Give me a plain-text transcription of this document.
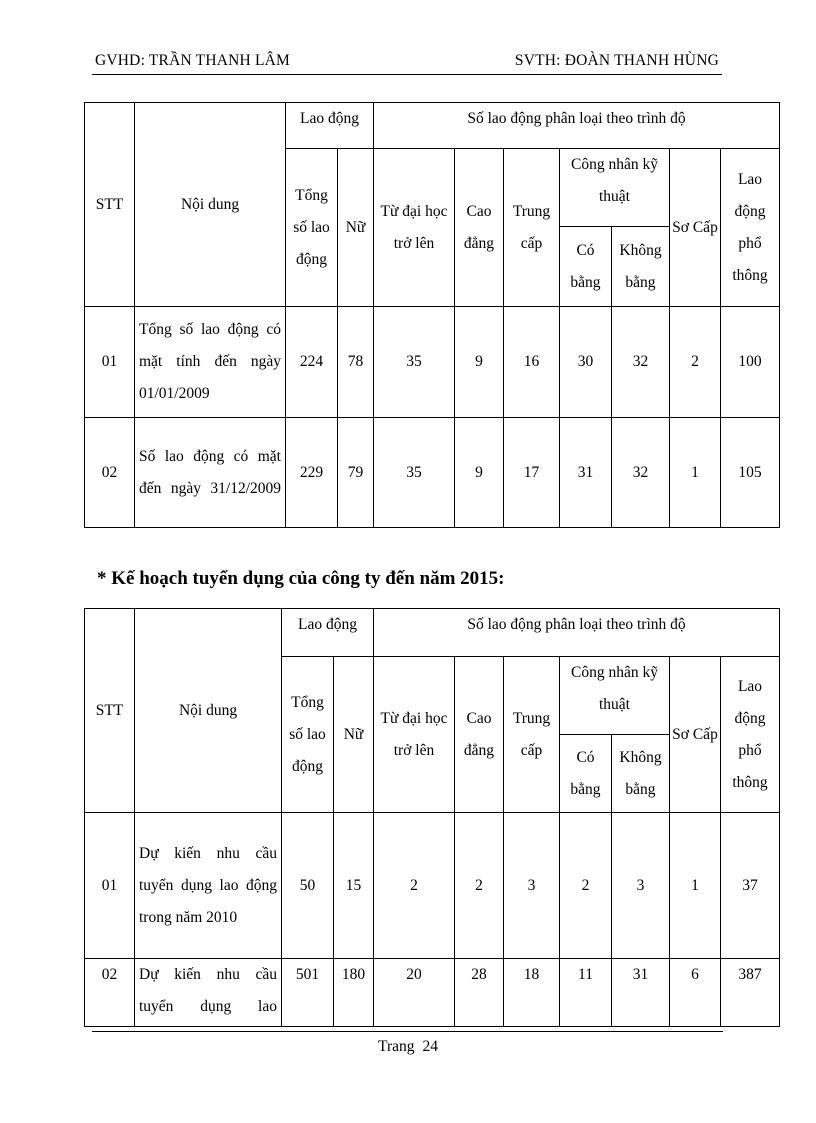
GVHD: TRẦN THANH LÂM	SVTH: ĐOÀN THANH HÙNG
STT	Nội dung	Lao động		Số lao động phân loại theo trình độ						
		Tổng số lao động	Nữ	Từ đại học trở lên	Cao đẳng	Trung cấp	Công nhân kỹ thuật		Sơ Cấp	Lao động phổ thông
							Có bằng	Không bằng		
01	Tổng số lao động có mặt tính đến ngày 01/01/2009	224	78	35	9	16	30	32	2	100
02	Số lao động có mặt đến ngày 31/12/2009	229	79	35	9	17	31	32	1	105
* Kế hoạch tuyển dụng của công ty đến năm 2015:
STT	Nội dung	Lao động		Số lao động phân loại theo trình độ						
		Tổng số lao động	Nữ	Từ đại học trở lên	Cao đẳng	Trung cấp	Công nhân kỹ thuật		Sơ Cấp	Lao động phổ thông
							Có bằng	Không bằng		
01	Dự kiến nhu cầu tuyển dụng lao động trong năm 2010	50	15	2	2	3	2	3	1	37
02	Dự kiến nhu cầu tuyển dụng lao	501	180	20	28	18	11	31	6	387
Trang 24
